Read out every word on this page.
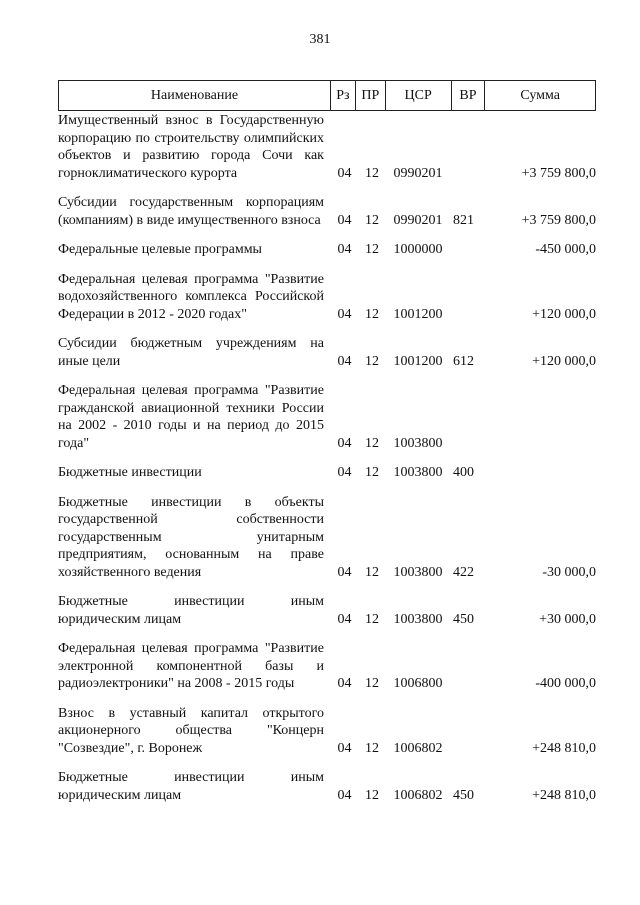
381
Наименование	Рз ПР	ЦСР	ВР	Сумма
Имущественный взнос в Государственную корпорацию по строительству олимпийских объектов и развитию города Сочи как горноклиматического курорта	04 12	0990201	+3 759 800,0
Субсидии государственным корпорациям (компаниям) в виде имущественного взноса	04 12	0990201 821	+3 759 800,0
Федеральные целевые программы	04 12	1000000	-450 000,0
Федеральная целевая программа "Развитие водохозяйственного комплекса Российской Федерации в 2012 - 2020 годах"	04 12	1001200	+120 000,0
Субсидии бюджетным учреждениям на иные цели	04 12	1001200 612	+120 000,0
Федеральная целевая программа "Развитие гражданской авиационной техники России на 2002 - 2010 годы и на период до 2015 года"	04 12	1003800
Бюджетные инвестиции	04 12	1003800 400
Бюджетные инвестиции в объекты государственной собственности государственным унитарным предприятиям, основанным на праве хозяйственного ведения	04 12	1003800 422	-30 000,0
Бюджетные инвестиции иным юридическим лицам	04 12	1003800 450	+30 000,0
Федеральная целевая программа "Развитие электронной компонентной базы и радиоэлектроники" на 2008 - 2015 годы	04 12	1006800	-400 000,0
Взнос в уставный капитал открытого акционерного общества "Концерн "Созвездие", г. Воронеж	04 12	1006802	+248 810,0
Бюджетные инвестиции иным юридическим лицам	04 12	1006802 450	+248 810,0
